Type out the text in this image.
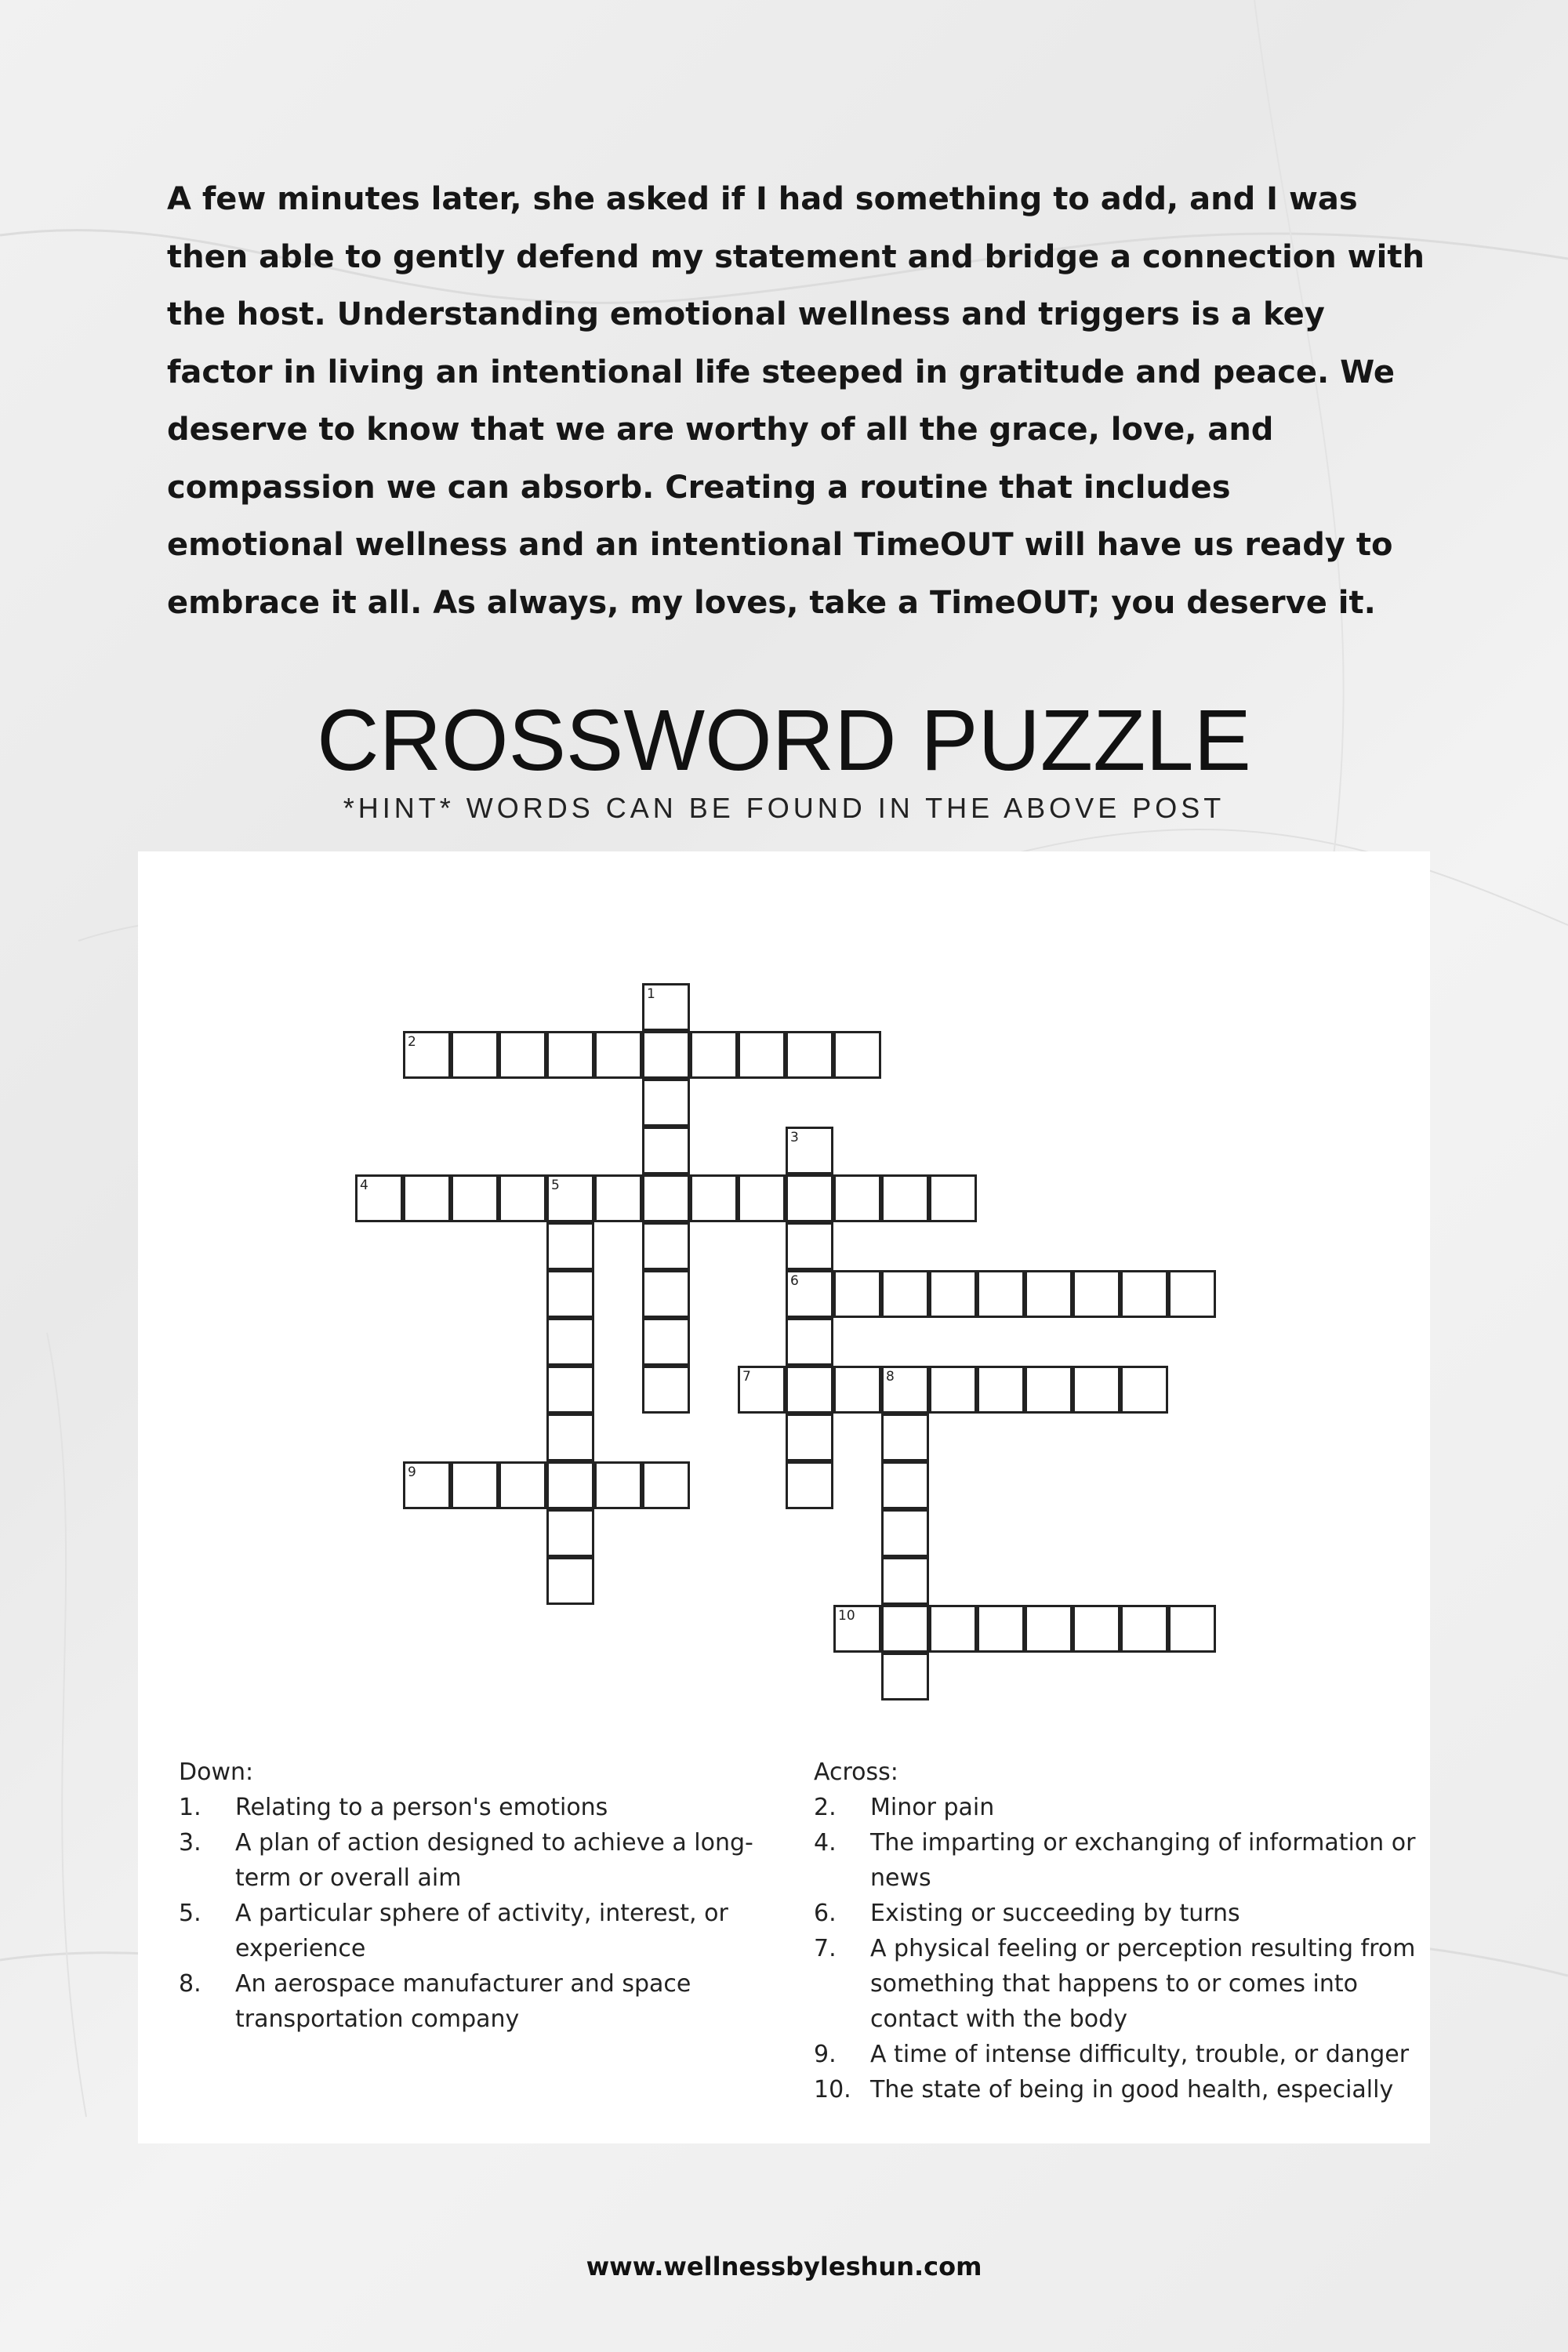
A few minutes later, she asked if I had something to add, and I was
then able to gently defend my statement and bridge a connection with
the host. Understanding emotional wellness and triggers is a key
factor in living an intentional life steeped in gratitude and peace. We
deserve to know that we are worthy of all the grace, love, and
compassion we can absorb. Creating a routine that includes
emotional wellness and an intentional TimeOUT will have us ready to
embrace it all. As always, my loves, take a TimeOUT; you deserve it.
CROSSWORD PUZZLE

*HINT* WORDS CAN BE FOUND IN THE ABOVE POST

1
2
3
6
4	5
7	8
9
10
Down:
1.	Relating to a person's emotions
3.	A plan of action designed to achieve a long-term or overall aim
5.	A particular sphere of activity, interest, or experience
8.	An aerospace manufacturer and space transportation company
Across:
2.	Minor pain
4.	The imparting or exchanging of information or news
6.	Existing or succeeding by turns
7.	A physical feeling or perception resulting from something that happens to or comes into contact with the body
9.	A time of intense difficulty, trouble, or danger
10. The state of being in good health, especially
www.wellnessbyleshun.com
